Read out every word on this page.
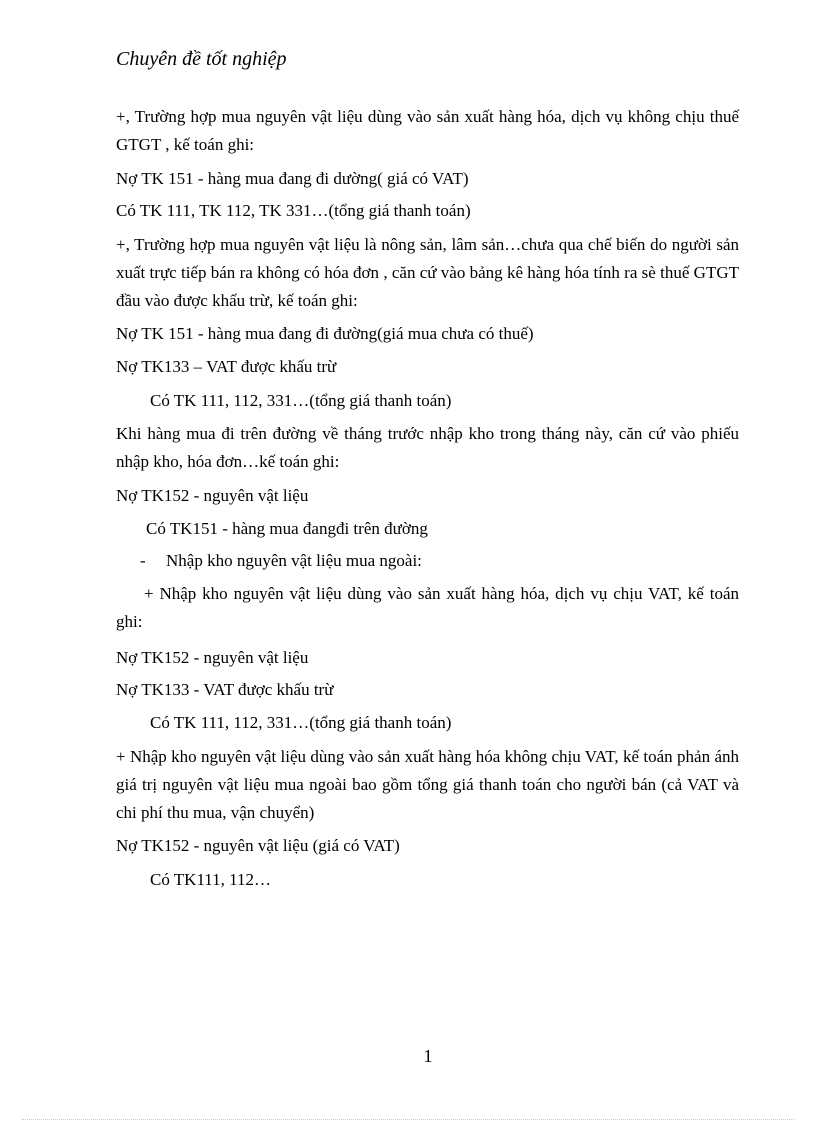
Chuyên đề tốt nghiệp

+, Trường hợp mua nguyên vật liệu dùng vào sản xuất hàng hóa, dịch vụ không chịu thuế GTGT , kế toán ghi:

Nợ TK 151 - hàng mua đang đi dường( giá có VAT)

Có TK 111, TK 112, TK 331…(tổng giá thanh toán)

+, Trường hợp mua nguyên vật liệu là nông sản, lâm sản…chưa qua chế biến do người sản xuất trực tiếp bán ra không có hóa đơn , căn cứ vào bảng kê hàng hóa tính ra sè thuế GTGT đầu vào được khấu trừ, kế toán ghi:

Nợ TK 151 - hàng mua đang đi đường(giá mua chưa có thuế)

Nợ TK133 – VAT được khấu trừ

Có TK 111, 112, 331…(tổng giá thanh toán)

Khi hàng mua đi trên đường về tháng trước nhập kho trong tháng này, căn cứ vào phiếu nhập kho, hóa đơn…kế toán ghi:

Nợ TK152 - nguyên vật liệu

Có TK151 - hàng mua đangđi trên đường

- Nhập kho nguyên vật liệu mua ngoài:

+ Nhập kho nguyên vật liệu dùng vào sản xuất hàng hóa, dịch vụ chịu VAT, kế toán ghi:

Nợ TK152 - nguyên vật liệu

Nợ TK133 - VAT được khấu trừ

Có TK 111, 112, 331…(tổng giá thanh toán)

+ Nhập kho nguyên vật liệu dùng vào sản xuất hàng hóa không chịu VAT, kế toán phản ánh giá trị nguyên vật liệu mua ngoài bao gồm tổng giá thanh toán cho người bán (cả VAT và chi phí thu mua, vận chuyển)

Nợ TK152 - nguyên vật liệu (giá có VAT)

Có TK111, 112…

1
